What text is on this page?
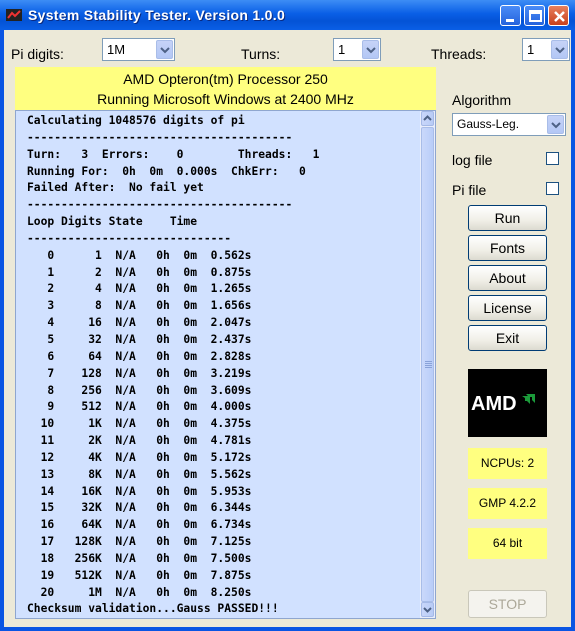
System Stability Tester. Version 1.0.0
Pi digits:	1M	Turns:	1	Threads:	1
AMD Opteron(tm) Processor 250
Running Microsoft Windows at 2400 MHz
Calculating 1048576 digits of pi
---------------------------------------
Turn:   3  Errors:    0        Threads:   1
Running For:  0h  0m  0.000s  ChkErr:   0
Failed After:  No fail yet
---------------------------------------
Loop Digits State    Time
------------------------------
0      1  N/A   0h  0m  0.562s
1      2  N/A   0h  0m  0.875s
2      4  N/A   0h  0m  1.265s
3      8  N/A   0h  0m  1.656s
4     16  N/A   0h  0m  2.047s
5     32  N/A   0h  0m  2.437s
6     64  N/A   0h  0m  2.828s
7    128  N/A   0h  0m  3.219s
8    256  N/A   0h  0m  3.609s
9    512  N/A   0h  0m  4.000s
10     1K  N/A   0h  0m  4.375s
11     2K  N/A   0h  0m  4.781s
12     4K  N/A   0h  0m  5.172s
13     8K  N/A   0h  0m  5.562s
14    16K  N/A   0h  0m  5.953s
15    32K  N/A   0h  0m  6.344s
16    64K  N/A   0h  0m  6.734s
17   128K  N/A   0h  0m  7.125s
18   256K  N/A   0h  0m  7.500s
19   512K  N/A   0h  0m  7.875s
20     1M  N/A   0h  0m  8.250s
Checksum validation...Gauss PASSED!!!
Algorithm
Gauss-Leg.
log file
Pi file
Run
Fonts
About
License
Exit
AMD
NCPUs: 2
GMP 4.2.2
64 bit
STOP
